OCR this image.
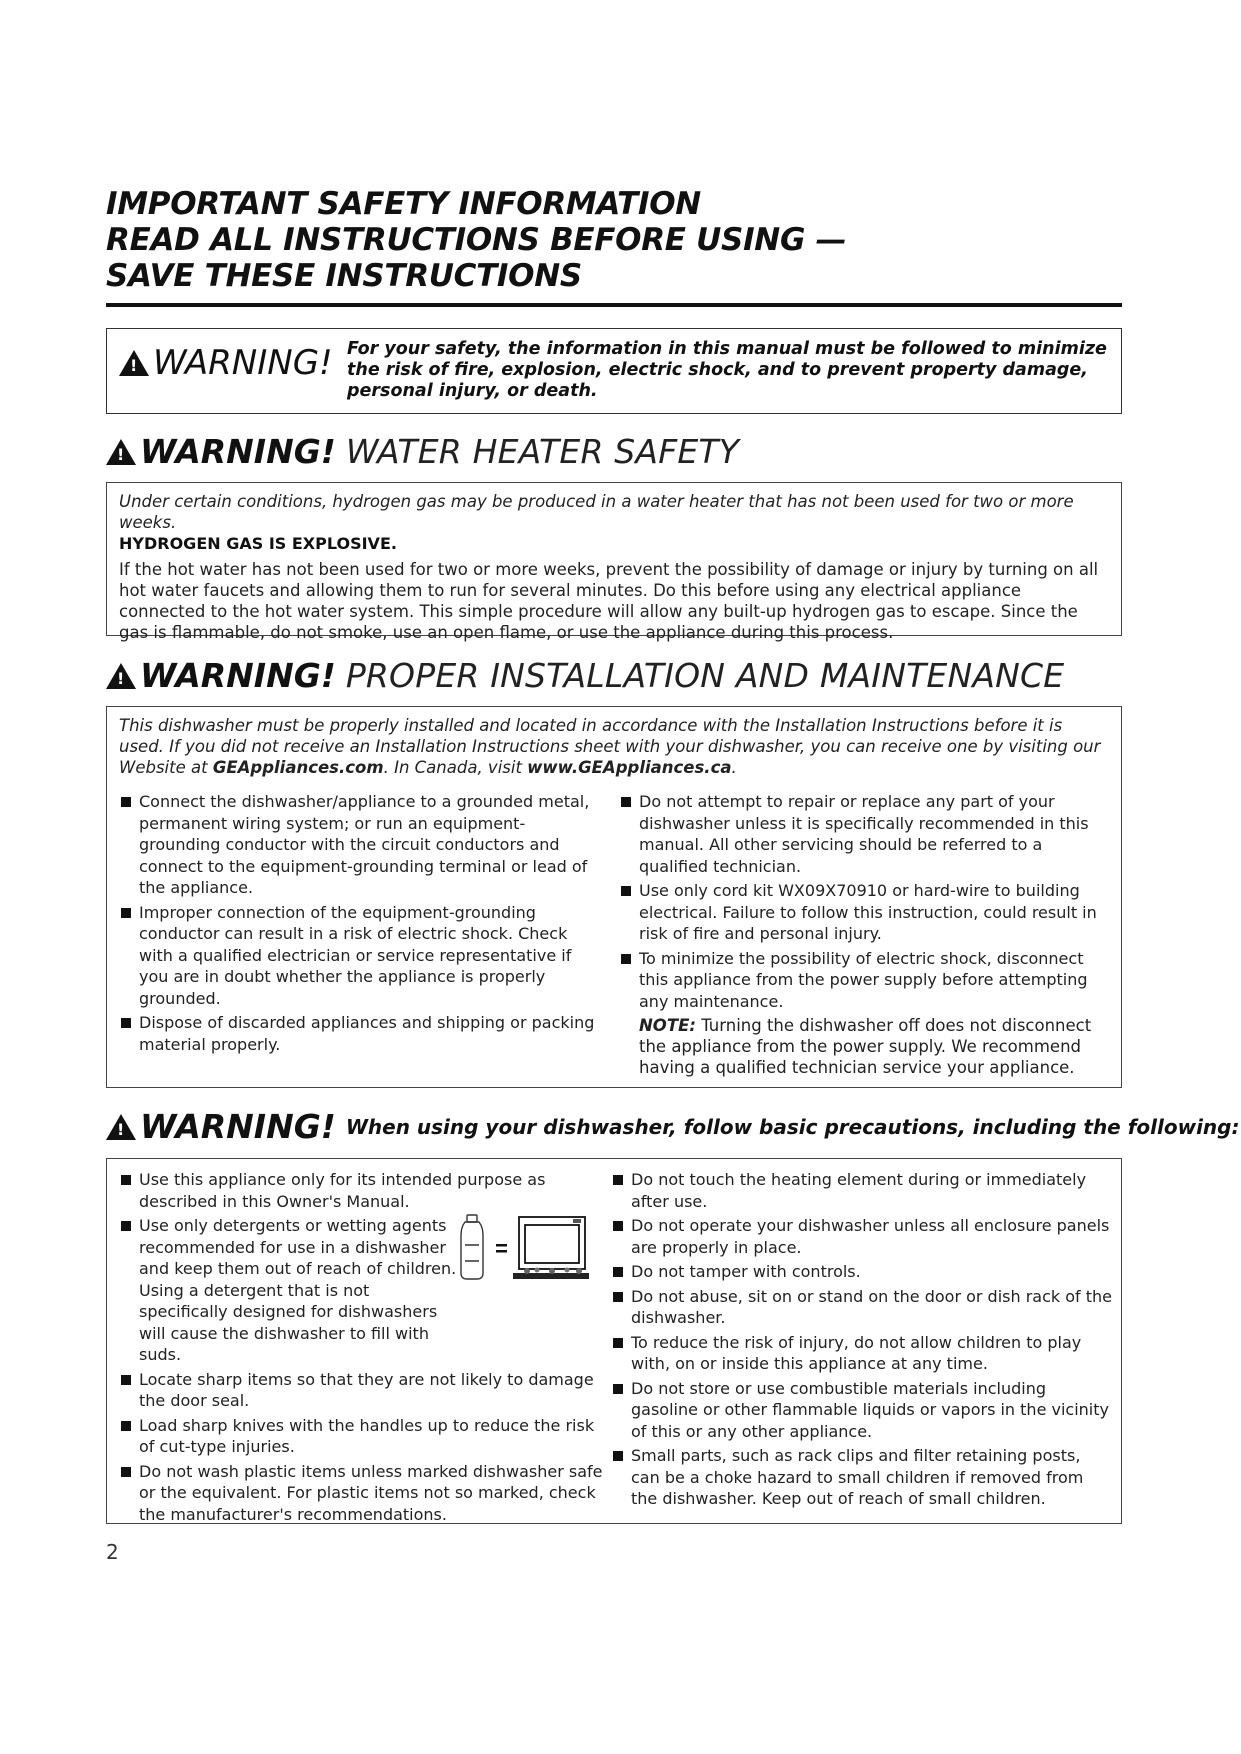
IMPORTANT SAFETY INFORMATION
READ ALL INSTRUCTIONS BEFORE USING —
SAVE THESE INSTRUCTIONS
!
WARNING! For your safety, the information in this manual must be followed to minimize the risk of fire, explosion, electric shock, and to prevent property damage, personal injury, or death.
!
WARNING! WATER HEATER SAFETY

Under certain conditions, hydrogen gas may be produced in a water heater that has not been used for two or more weeks.

HYDROGEN GAS IS EXPLOSIVE.

If the hot water has not been used for two or more weeks, prevent the possibility of damage or injury by turning on all hot water faucets and allowing them to run for several minutes. Do this before using any electrical appliance connected to the hot water system. This simple procedure will allow any built-up hydrogen gas to escape. Since the gas is flammable, do not smoke, use an open flame, or use the appliance during this process.

!
WARNING! PROPER INSTALLATION AND MAINTENANCE

This dishwasher must be properly installed and located in accordance with the Installation Instructions before it is used. If you did not receive an Installation Instructions sheet with your dishwasher, you can receive one by visiting our Website at GEAppliances.com. In Canada, visit www.GEAppliances.ca.

Connect the dishwasher/appliance to a grounded metal, permanent wiring system; or run an equipment-grounding conductor with the circuit conductors and connect to the equipment-grounding terminal or lead of the appliance.
Improper connection of the equipment-grounding conductor can result in a risk of electric shock. Check with a qualified electrician or service representative if you are in doubt whether the appliance is properly grounded.
Dispose of discarded appliances and shipping or packing material properly.
Do not attempt to repair or replace any part of your dishwasher unless it is specifically recommended in this manual. All other servicing should be referred to a qualified technician.
Use only cord kit WX09X70910 or hard-wire to building electrical. Failure to follow this instruction, could result in risk of fire and personal injury.
To minimize the possibility of electric shock, disconnect this appliance from the power supply before attempting any maintenance.

NOTE: Turning the dishwasher off does not disconnect the appliance from the power supply. We recommend having a qualified technician service your appliance.

!
WARNING! When using your dishwasher, follow basic precautions, including the following:
Use this appliance only for its intended purpose as described in this Owner's Manual.
Use only detergents or wetting agents recommended for use in a dishwasher and keep them out of reach of children. Using a detergent that is not specifically designed for dishwashers will cause the dishwasher to fill with suds.
Locate sharp items so that they are not likely to damage the door seal.
Load sharp knives with the handles up to reduce the risk of cut-type injuries.
Do not wash plastic items unless marked dishwasher safe or the equivalent. For plastic items not so marked, check the manufacturer's recommendations.
Do not touch the heating element during or immediately after use.
Do not operate your dishwasher unless all enclosure panels are properly in place.
Do not tamper with controls.
Do not abuse, sit on or stand on the door or dish rack of the dishwasher.
To reduce the risk of injury, do not allow children to play with, on or inside this appliance at any time.
Do not store or use combustible materials including gasoline or other flammable liquids or vapors in the vicinity of this or any other appliance.
Small parts, such as rack clips and filter retaining posts, can be a choke hazard to small children if removed from the dishwasher. Keep out of reach of small children.
2
